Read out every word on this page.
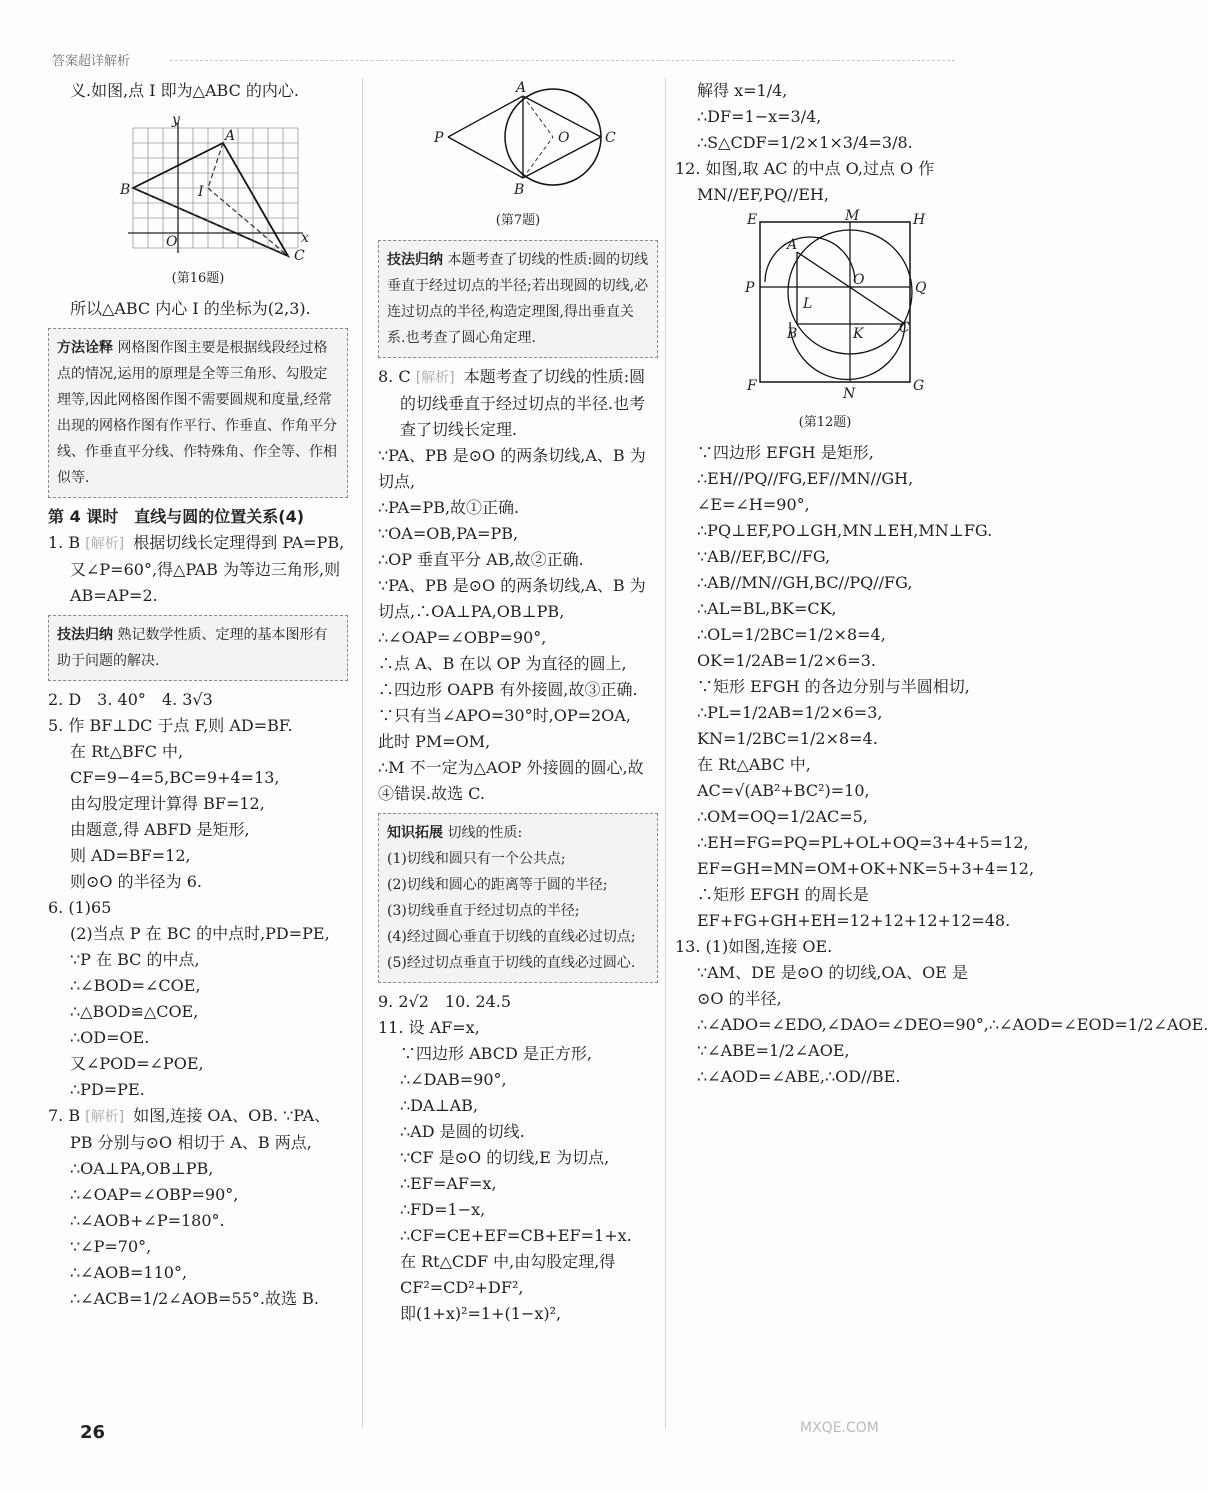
答案超详解析
义.如图,点 I 即为△ABC 的内心.
y
x
O
B
A
C
I
(第16题)
所以△ABC 内心 I 的坐标为(2,3).
方法诠释 网格图作图主要是根据线段经过格点的情况,运用的原理是全等三角形、勾股定理等,因此网格图作图不需要圆规和度量,经常出现的网格作图有作平行、作垂直、作角平分线、作垂直平分线、作特殊角、作全等、作相似等.
第 4 课时　直线与圆的位置关系(4)
1. B [解析] 根据切线长定理得到 PA=PB,又∠P=60°,得△PAB 为等边三角形,则 AB=AP=2.
技法归纳 熟记数学性质、定理的基本图形有助于问题的解决.
2. D　3. 40°　4. 3√3
5. 作 BF⊥DC 于点 F,则 AD=BF.
在 Rt△BFC 中,
CF=9−4=5,BC=9+4=13,
由勾股定理计算得 BF=12,
由题意,得 ABFD 是矩形,
则 AD=BF=12,
则⊙O 的半径为 6.
6. (1)65
(2)当点 P 在 BC 的中点时,PD=PE,
∵P 在 BC 的中点,
∴∠BOD=∠COE,
∴△BOD≌△COE,
∴OD=OE.
又∠POD=∠POE,
∴PD=PE.
7. B [解析] 如图,连接 OA、OB. ∵PA、PB 分别与⊙O 相切于 A、B 两点,
∴OA⊥PA,OB⊥PB,
∴∠OAP=∠OBP=90°,
∴∠AOB+∠P=180°.
∵∠P=70°,
∴∠AOB=110°,
∴∠ACB=1/2∠AOB=55°.故选 B.
P
A
B
O	C
(第7题)
技法归纳 本题考查了切线的性质:圆的切线垂直于经过切点的半径;若出现圆的切线,必连过切点的半径,构造定理图,得出垂直关系.也考查了圆心角定理.
8. C [解析] 本题考查了切线的性质:圆的切线垂直于经过切点的半径.也考查了切线长定理.
∵PA、PB 是⊙O 的两条切线,A、B 为切点,
∴PA=PB,故①正确.
∵OA=OB,PA=PB,
∴OP 垂直平分 AB,故②正确.
∵PA、PB 是⊙O 的两条切线,A、B 为切点,∴OA⊥PA,OB⊥PB,
∴∠OAP=∠OBP=90°,
∴点 A、B 在以 OP 为直径的圆上,
∴四边形 OAPB 有外接圆,故③正确.
∵只有当∠APO=30°时,OP=2OA,
此时 PM=OM,
∴M 不一定为△AOP 外接圆的圆心,故④错误.故选 C.
知识拓展 切线的性质:
(1)切线和圆只有一个公共点;
(2)切线和圆心的距离等于圆的半径;
(3)切线垂直于经过切点的半径;
(4)经过圆心垂直于切线的直线必过切点;
(5)经过切点垂直于切线的直线必过圆心.
9. 2√2　10. 24.5
11. 设 AF=x,
∵四边形 ABCD 是正方形,
∴∠DAB=90°,
∴DA⊥AB,
∴AD 是圆的切线.
∵CF 是⊙O 的切线,E 为切点,
∴EF=AF=x,
∴FD=1−x,
∴CF=CE+EF=CB+EF=1+x.
在 Rt△CDF 中,由勾股定理,得 CF²=CD²+DF²,
即(1+x)²=1+(1−x)²,
解得 x=1/4,
∴DF=1−x=3/4,
∴S△CDF=1/2×1×3/4=3/8.
12. 如图,取 AC 的中点 O,过点 O 作 MN//EF,PQ//EH,
E	M	H
P	Q
A
O
L
B	K	C
F	N	G
(第12题)
∵四边形 EFGH 是矩形,
∴EH//PQ//FG,EF//MN//GH,
∠E=∠H=90°,
∴PQ⊥EF,PO⊥GH,MN⊥EH,MN⊥FG.
∵AB//EF,BC//FG,
∴AB//MN//GH,BC//PQ//FG,
∴AL=BL,BK=CK,
∴OL=1/2BC=1/2×8=4,
OK=1/2AB=1/2×6=3.
∵矩形 EFGH 的各边分别与半圆相切,
∴PL=1/2AB=1/2×6=3,
KN=1/2BC=1/2×8=4.
在 Rt△ABC 中,
AC=√(AB²+BC²)=10,
∴OM=OQ=1/2AC=5,
∴EH=FG=PQ=PL+OL+OQ=3+4+5=12,
EF=GH=MN=OM+OK+NK=5+3+4=12,
∴矩形 EFGH 的周长是 EF+FG+GH+EH=12+12+12+12=48.
13. (1)如图,连接 OE.
∵AM、DE 是⊙O 的切线,OA、OE 是⊙O 的半径,
∴∠ADO=∠EDO,∠DAO=∠DEO=90°,∴∠AOD=∠EOD=1/2∠AOE.
∵∠ABE=1/2∠AOE,
∴∠AOD=∠ABE,∴OD//BE.
26	MXQE.COM
